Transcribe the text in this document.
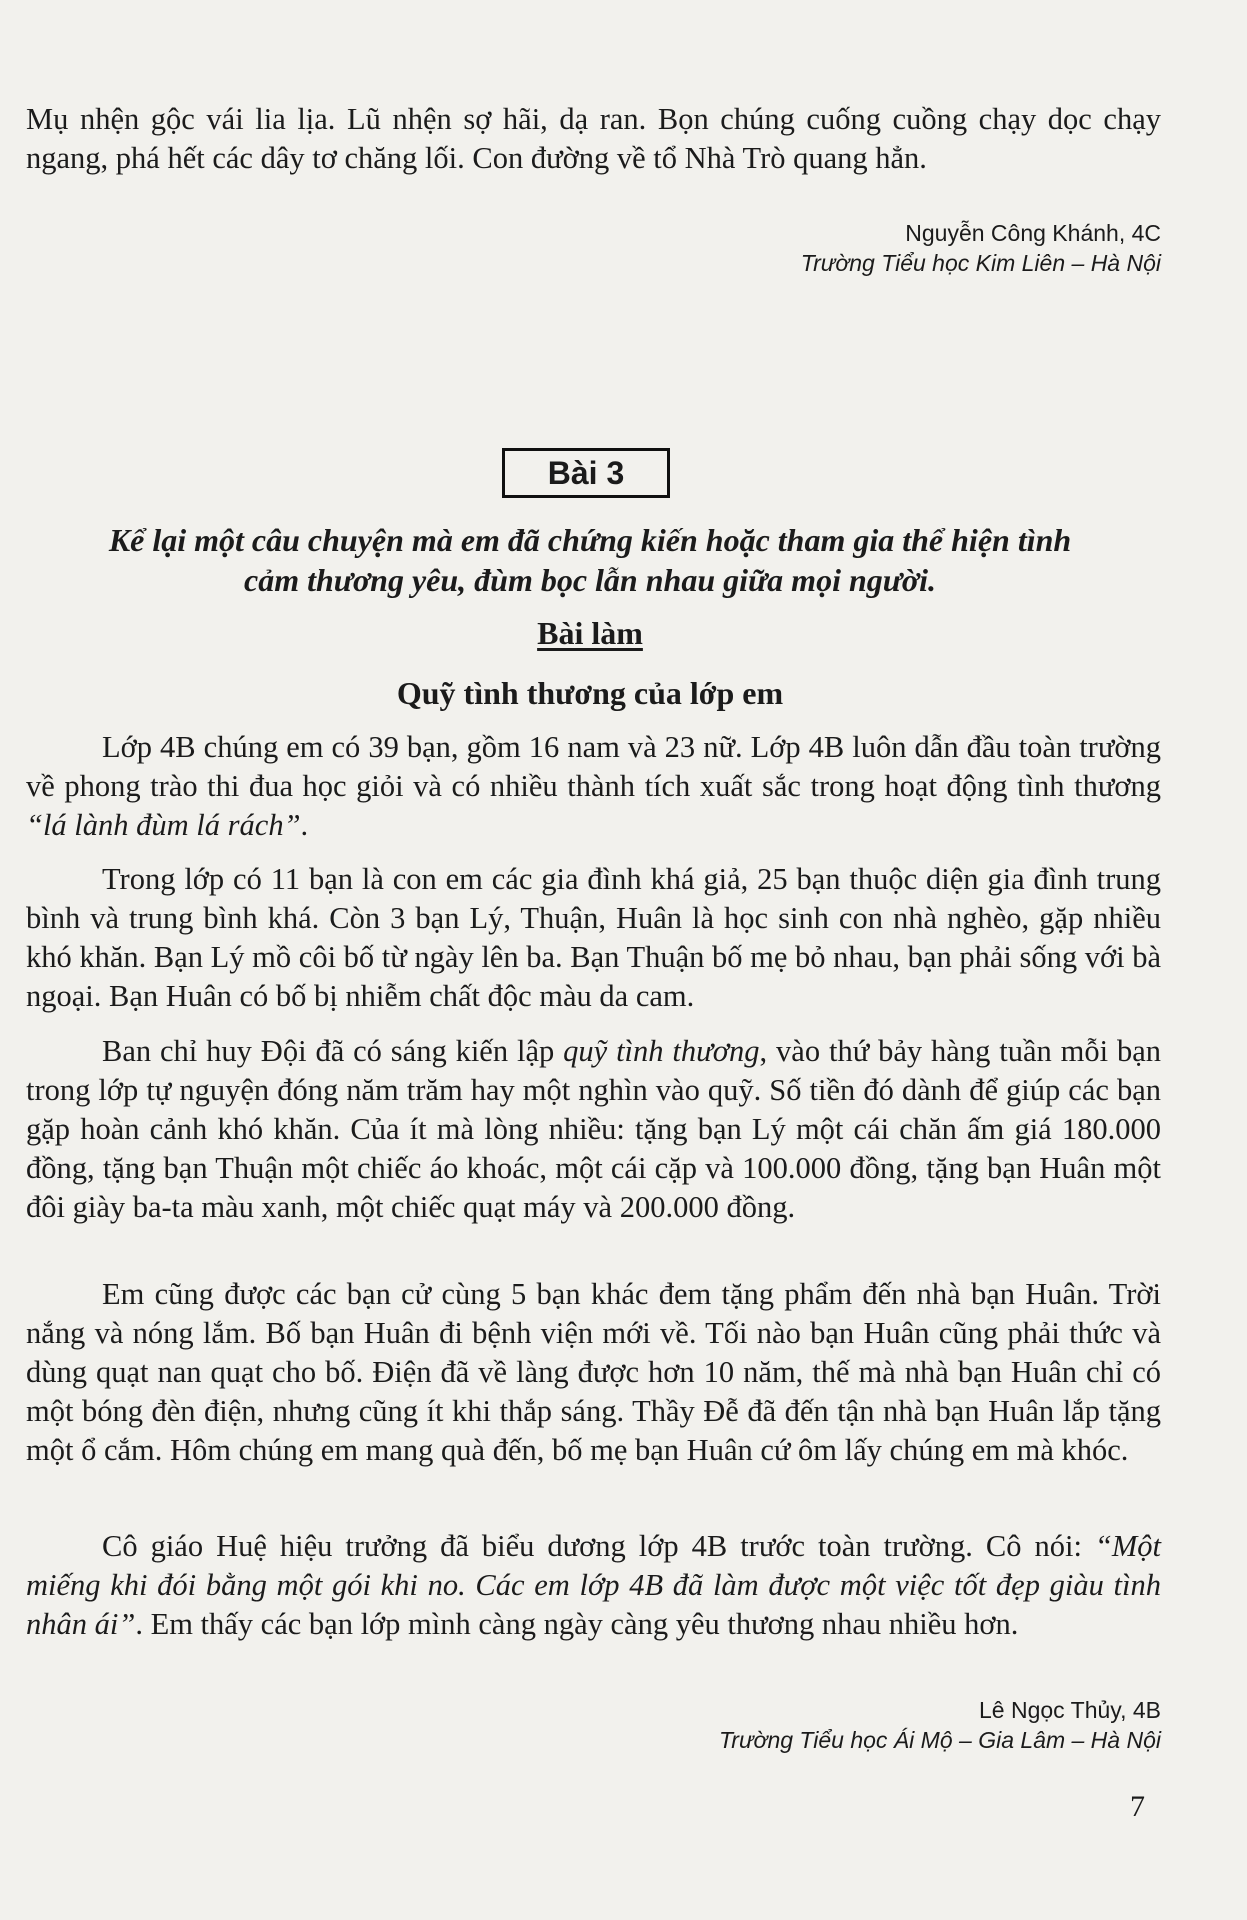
Mụ nhện gộc vái lia lịa. Lũ nhện sợ hãi, dạ ran. Bọn chúng cuống cuồng chạy dọc chạy ngang, phá hết các dây tơ chăng lối. Con đường về tổ Nhà Trò quang hẳn.

Nguyễn Công Khánh, 4C
Trường Tiểu học Kim Liên – Hà Nội
Bài 3

Kể lại một câu chuyện mà em đã chứng kiến hoặc tham gia thể hiện tình cảm thương yêu, đùm bọc lẫn nhau giữa mọi người.

Bài làm
Quỹ tình thương của lớp em

Lớp 4B chúng em có 39 bạn, gồm 16 nam và 23 nữ. Lớp 4B luôn dẫn đầu toàn trường về phong trào thi đua học giỏi và có nhiều thành tích xuất sắc trong hoạt động tình thương “lá lành đùm lá rách”.

Trong lớp có 11 bạn là con em các gia đình khá giả, 25 bạn thuộc diện gia đình trung bình và trung bình khá. Còn 3 bạn Lý, Thuận, Huân là học sinh con nhà nghèo, gặp nhiều khó khăn. Bạn Lý mồ côi bố từ ngày lên ba. Bạn Thuận bố mẹ bỏ nhau, bạn phải sống với bà ngoại. Bạn Huân có bố bị nhiễm chất độc màu da cam.

Ban chỉ huy Đội đã có sáng kiến lập quỹ tình thương, vào thứ bảy hàng tuần mỗi bạn trong lớp tự nguyện đóng năm trăm hay một nghìn vào quỹ. Số tiền đó dành để giúp các bạn gặp hoàn cảnh khó khăn. Của ít mà lòng nhiều: tặng bạn Lý một cái chăn ấm giá 180.000 đồng, tặng bạn Thuận một chiếc áo khoác, một cái cặp và 100.000 đồng, tặng bạn Huân một đôi giày ba-ta màu xanh, một chiếc quạt máy và 200.000 đồng.

Em cũng được các bạn cử cùng 5 bạn khác đem tặng phẩm đến nhà bạn Huân. Trời nắng và nóng lắm. Bố bạn Huân đi bệnh viện mới về. Tối nào bạn Huân cũng phải thức và dùng quạt nan quạt cho bố. Điện đã về làng được hơn 10 năm, thế mà nhà bạn Huân chỉ có một bóng đèn điện, nhưng cũng ít khi thắp sáng. Thầy Đễ đã đến tận nhà bạn Huân lắp tặng một ổ cắm. Hôm chúng em mang quà đến, bố mẹ bạn Huân cứ ôm lấy chúng em mà khóc.

Cô giáo Huệ hiệu trưởng đã biểu dương lớp 4B trước toàn trường. Cô nói: “Một miếng khi đói bằng một gói khi no. Các em lớp 4B đã làm được một việc tốt đẹp giàu tình nhân ái”. Em thấy các bạn lớp mình càng ngày càng yêu thương nhau nhiều hơn.

Lê Ngọc Thủy, 4B
Trường Tiểu học Ái Mộ – Gia Lâm – Hà Nội
7
